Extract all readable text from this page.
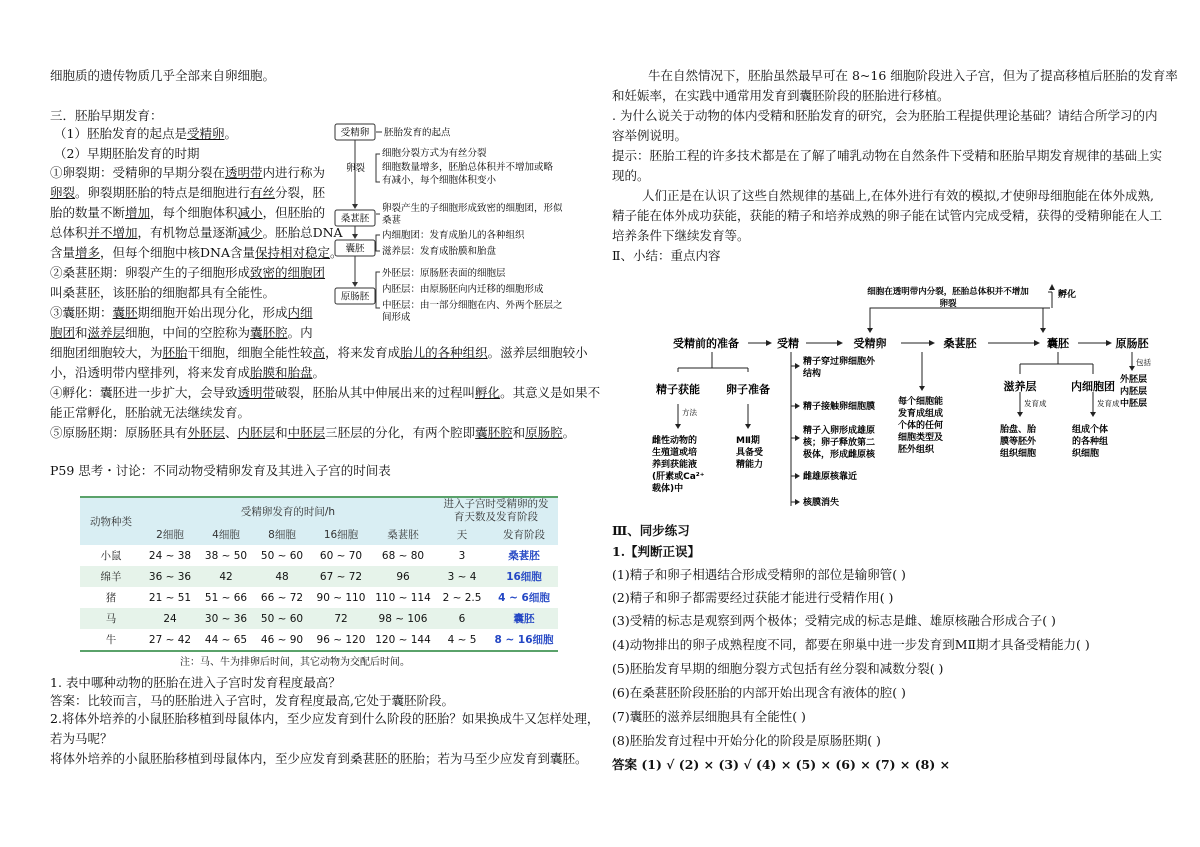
细胞质的遗传物质几乎全部来自卵细胞。
三．胚胎早期发育：
（1）胚胎发育的起点是受精卵。
（2）早期胚胎发育的时期
①卵裂期：受精卵的早期分裂在透明带内进行称为
卵裂。卵裂期胚胎的特点是细胞进行有丝分裂，胚
胎的数量不断增加，每个细胞体积减小，但胚胎的
总体积并不增加，有机物总量逐渐减少。胚胎总DNA
含量增多，但每个细胞中核DNA含量保持相对稳定。
②桑葚胚期：卵裂产生的子细胞形成致密的细胞团
叫桑葚胚，该胚胎的细胞都具有全能性。
③囊胚期：囊胚期细胞开始出现分化，形成内细
胞团和滋养层细胞，中间的空腔称为囊胚腔。内
细胞团细胞较大，为胚胎干细胞，细胞全能性较高，将来发育成胎儿的各种组织。滋养层细胞较小
小，沿透明带内壁排列，将来发育成胎膜和胎盘。
④孵化：囊胚进一步扩大，会导致透明带破裂，胚胎从其中伸展出来的过程叫孵化。其意义是如果不
能正常孵化，胚胎就无法继续发育。
⑤原肠胚期：原肠胚具有外胚层、内胚层和中胚层三胚层的分化，有两个腔即囊胚腔和原肠腔。
受精卵 胚胎发育的起点
卵裂
细胞分裂方式为有丝分裂
细胞数量增多，胚胎总体积并不增加或略
有减小，每个细胞体积变小
桑葚胚
卵裂产生的子细胞形成致密的细胞团，形似
桑葚
囊胚
内细胞团：发育成胎儿的各种组织
滋养层：发育成胎膜和胎盘
原肠胚
外胚层：原肠胚表面的细胞层
内胚层：由原肠胚向内迁移的细胞形成
中胚层：由一部分细胞在内、外两个胚层之
间形成
P59 思考・讨论：不同动物受精卵发育及其进入子宫的时间表
动物种类	受精卵发育的时间/h					进入子宫时受精卵的发
育天数及发育阶段	
	2细胞	4细胞	8细胞	16细胞	桑葚胚	天	发育阶段
小鼠	24 ~ 38	38 ~ 50	50 ~ 60	60 ~ 70	68 ~ 80	3	桑葚胚
绵羊	36 ~ 36	42	48	67 ~ 72	96	3 ~ 4	16细胞
猪	21 ~ 51	51 ~ 66	66 ~ 72	90 ~ 110	110 ~ 114	2 ~ 2.5	4 ~ 6细胞
马	24	30 ~ 36	50 ~ 60	72	98 ~ 106	6	囊胚
牛	27 ~ 42	44 ~ 65	46 ~ 90	96 ~ 120	120 ~ 144	4 ~ 5	8 ~ 16细胞
注：马、牛为排卵后时间，其它动物为交配后时间。
1. 表中哪种动物的胚胎在进入子宫时发育程度最高？
答案：比较而言，马的胚胎进入子宫时，发育程度最高,它处于囊胚阶段。
2.将体外培养的小鼠胚胎移植到母鼠体内，至少应发育到什么阶段的胚胎？如果换成牛又怎样处理，
若为马呢？
将体外培养的小鼠胚胎移植到母鼠体内，至少应发育到桑葚胚的胚胎；若为马至少应发育到囊胚。
牛在自然情况下，胚胎虽然最早可在 8~16 细胞阶段进入子宫，但为了提高移植后胚胎的发育率
和妊娠率，在实践中通常用发育到囊胚阶段的胚胎进行移植。
. 为什么说关于动物的体内受精和胚胎发育的研究，会为胚胎工程提供理论基础？请结合所学习的内
容举例说明。
提示：胚胎工程的许多技术都是在了解了哺乳动物在自然条件下受精和胚胎早期发育规律的基础上实
现的。
人们正是在认识了这些自然规律的基础上,在体外进行有效的模拟,才使卵母细胞能在体外成熟,
精子能在体外成功获能，获能的精子和培养成熟的卵子能在试管内完成受精，获得的受精卵能在人工
培养条件下继续发育等。
Ⅱ、小结：重点内容
细胞在透明带内分裂，胚胎总体积并不增加
卵裂
孵化
受精前的准备	受精	受精卵	桑葚胚	囊胚	原肠胚
精子获能 卵子准备	滋养层	内细胞团
方法
雌性动物的
生殖道或培
养到获能液
(肝素或Ca²⁺
载体)中
MⅡ期
具备受
精能力
精子穿过卵细胞外
结构
精子接触卵细胞膜
精子入卵形成雄原
核；卵子释放第二
极体，形成雌原核
雌雄原核靠近
核膜消失
每个细胞能
发育成组成
个体的任何
细胞类型及
胚外组织
发育成	发育成
胎盘、胎
膜等胚外
组织细胞
组成个体
的各种组
织细胞
包括
外胚层
内胚层
中胚层
Ⅲ、同步练习
1.【判断正误】
(1)精子和卵子相遇结合形成受精卵的部位是输卵管( )
(2)精子和卵子都需要经过获能才能进行受精作用( )
(3)受精的标志是观察到两个极体；受精完成的标志是雌、雄原核融合形成合子( )
(4)动物排出的卵子成熟程度不同，都要在卵巢中进一步发育到MⅡ期才具备受精能力( )
(5)胚胎发育早期的细胞分裂方式包括有丝分裂和减数分裂( )
(6)在桑葚胚阶段胚胎的内部开始出现含有液体的腔( )
(7)囊胚的滋养层细胞具有全能性( )
(8)胚胎发育过程中开始分化的阶段是原肠胚期( )
答案 (1) √ (2) × (3) √ (4) × (5) × (6) × (7) × (8) ×
